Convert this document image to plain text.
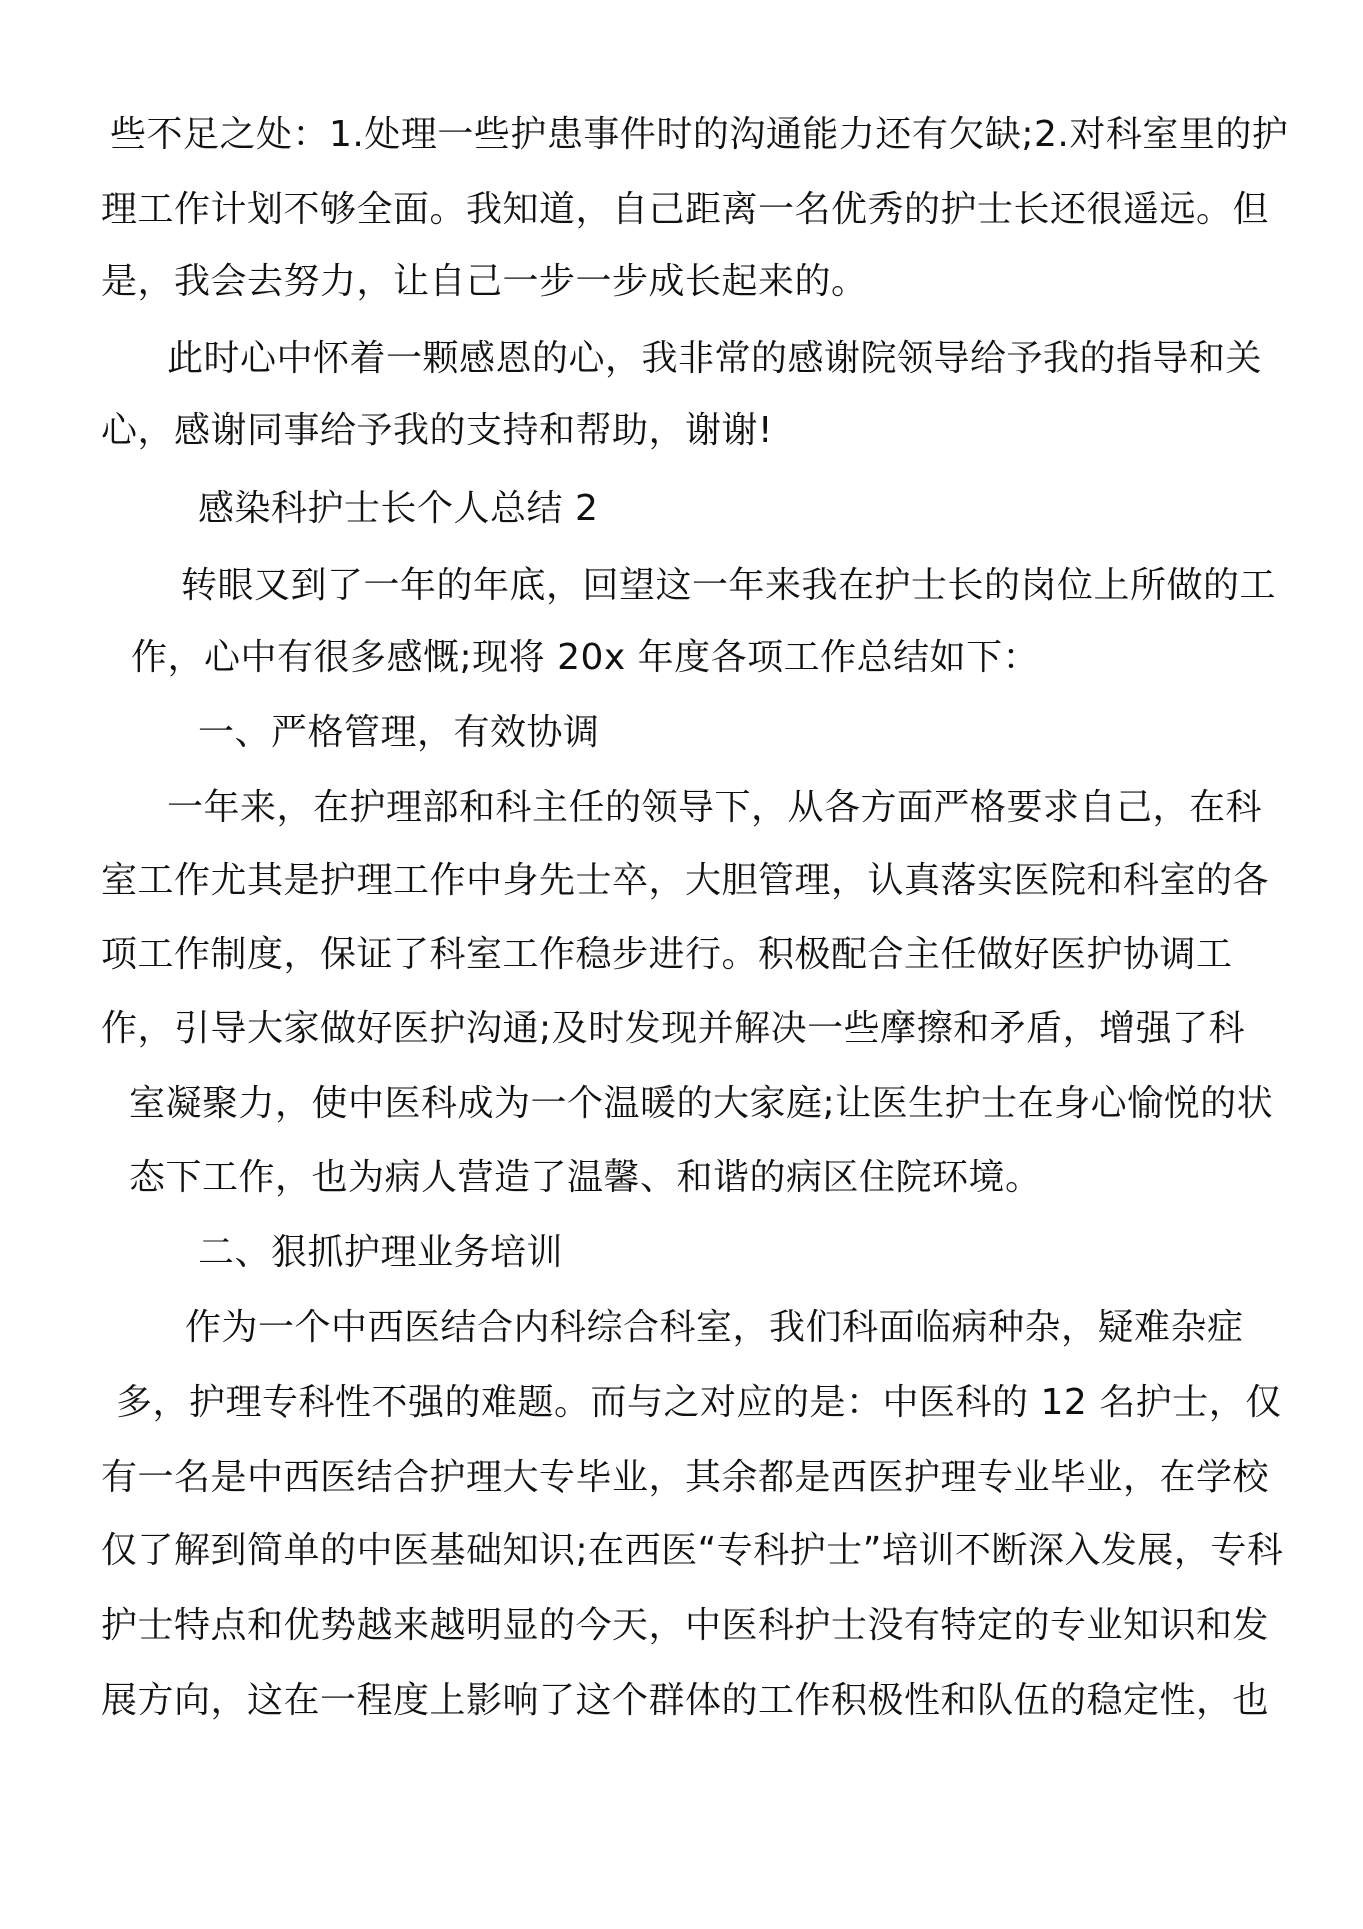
些不足之处：1.处理一些护患事件时的沟通能力还有欠缺;2.对科室里的护
理工作计划不够全面。我知道，自己距离一名优秀的护士长还很遥远。但
是，我会去努力，让自己一步一步成长起来的。
此时心中怀着一颗感恩的心，我非常的感谢院领导给予我的指导和关
心，感谢同事给予我的支持和帮助，谢谢!
感染科护士长个人总结 2
转眼又到了一年的年底，回望这一年来我在护士长的岗位上所做的工
作，心中有很多感慨;现将 20x 年度各项工作总结如下：
一、严格管理，有效协调
一年来，在护理部和科主任的领导下，从各方面严格要求自己，在科
室工作尤其是护理工作中身先士卒，大胆管理，认真落实医院和科室的各
项工作制度，保证了科室工作稳步进行。积极配合主任做好医护协调工
作，引导大家做好医护沟通;及时发现并解决一些摩擦和矛盾，增强了科
室凝聚力，使中医科成为一个温暖的大家庭;让医生护士在身心愉悦的状
态下工作，也为病人营造了温馨、和谐的病区住院环境。
二、狠抓护理业务培训
作为一个中西医结合内科综合科室，我们科面临病种杂，疑难杂症
多，护理专科性不强的难题。而与之对应的是：中医科的 12 名护士，仅
有一名是中西医结合护理大专毕业，其余都是西医护理专业毕业，在学校
仅了解到简单的中医基础知识;在西医“专科护士”培训不断深入发展，专科
护士特点和优势越来越明显的今天，中医科护士没有特定的专业知识和发
展方向，这在一程度上影响了这个群体的工作积极性和队伍的稳定性，也
